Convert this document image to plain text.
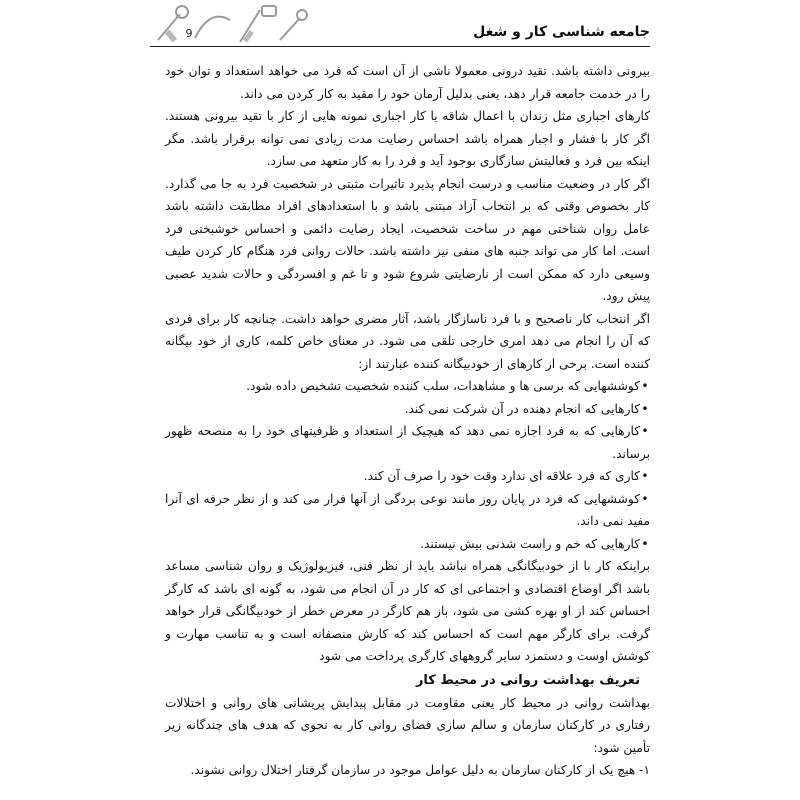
9	جامعه شناسی کار و شغل

بیرونی داشته باشد. تقید درونی معمولا ناشی از آن است که فرد می خواهد استعداد و توان خود را در خدمت جامعه قرار دهد، یعنی بدلیل آرمان خود را مقید به کار کردن می داند.

کارهای اجباری مثل زندان با اعمال شاقه یا کار اجباری نمونه هایی از کار با تقید بیرونی هستند. اگر کار با فشار و اجبار همراه باشد احساس رضایت مدت زیادی نمی توانه برقرار باشد. مگر اینکه بین فرد و فعالیتش سازگاری بوجود آید و فرد را به کار متعهد می سازد.

اگر کار در وضعیت مناسب و درست انجام پذیرد تاثیرات مثبتی در شخصیت فرد به جا می گذارد. کار بخصوص وقتی که بر انتخاب آزاد مبتنی باشد و با استعدادهای افراد مطابقت داشته باشد عامل روان شناختی مهم در ساخت شخصیت، ایجاد رضایت دائمی و احساس خوشبختی فرد است. اما کار می تواند جنبه های منفی نیز داشته باشد. حالات روانی فرد هنگام کار کردن طیف وسیعی دارد که ممکن است از نارضایتی شروع شود و تا غم و افسردگی و حالات شدید عصبی پیش رود.

اگر انتخاب کار ناصحیح و با فرد ناسازگار باشد، آثار مضری خواهد داشت. چنانچه کار برای فردی که آن را انجام می دهد امری خارجی تلقی می شود. در معنای خاص کلمه، کاری از خود بیگانه کننده است. برخی از کارهای از خودبیگانه کننده عبارتند از:

•کوششهایی که برسی ها و مشاهدات، سلب کننده شخصیت تشخیص داده شود.

•کارهایی که انجام دهنده در آن شرکت نمی کند.

•کارهایی که به فرد اجازه نمی دهد که هیچیک از استعداد و ظرفیتهای خود را به منصحه ظهور برساند.

•کاری که فرد علاقه ای ندارد وقت خود را صرف آن کند.

•کوششهایی که فرد در پایان روز مانند نوعی بردگی از آنها فرار می کند و از نظر حرفه ای آنرا مفید نمی داند.

•کارهایی که خم و راست شدنی بیش نیستند.

براینکه کار با از خودبیگانگی همراه نباشد باید از نظر فنی، فیزیولوژیک و روان شناسی مساعد باشد اگر اوضاع اقتصادی و اجتماعی ای که کار در آن انجام می شود، به گونه ای باشد که کارگر احساس کند از او بهره کشی می شود، باز هم کارگر در معرض خطر از خودبیگانگی قرار خواهد گرفت. برای کارگر مهم است که احساس کند که کارش منصفانه است و به تناسب مهارت و کوشش اوست و دستمزد سایر گروههای کارگری پرداخت می شود

تعریف بهداشت روانی در محیط کار

بهداشت روانی در محیط کار یعنی مقاومت در مقابل پیدایش پریشانی های روانی و اختلالات رفتاری در کارکنان سازمان و سالم سازی فضای روانی کار به نحوی که هدف های چندگانه زیر تأمین شود:

۱- هیچ یک از کارکنان سازمان به دلیل عوامل موجود در سازمان گرفتار اختلال روانی نشوند.
